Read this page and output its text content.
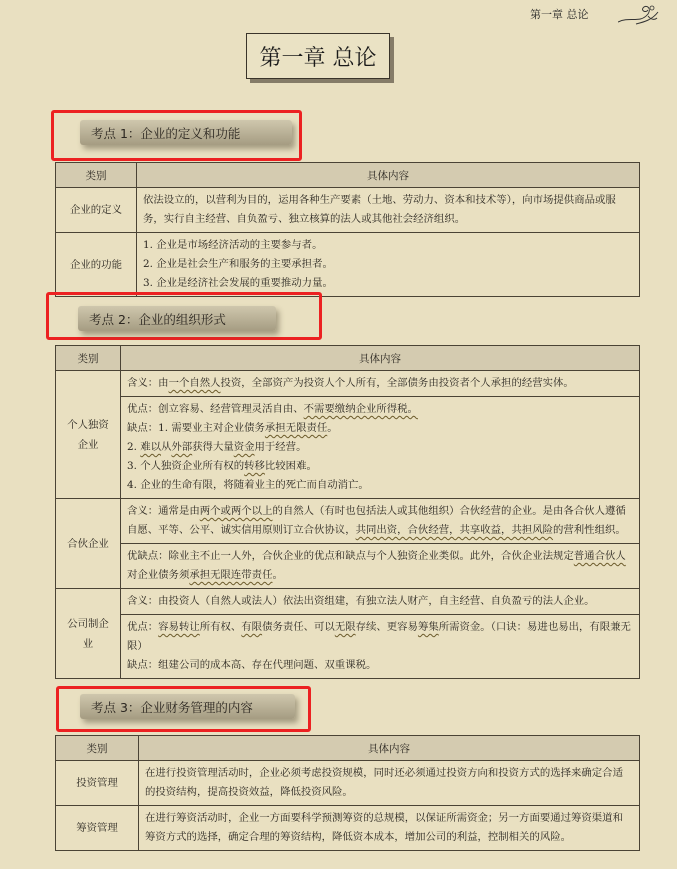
第一章 总论
第一章 总论
考点 1：企业的定义和功能
类别	具体内容
企业的定义	依法设立的，以营利为目的，运用各种生产要素（土地、劳动力、资本和技术等），向市场提供商品或服务，实行自主经营、自负盈亏、独立核算的法人或其他社会经济组织。

企业的功能	1. 企业是市场经济活动的主要参与者。

2. 企业是社会生产和服务的主要承担者。

3. 企业是经济社会发展的重要推动力量。

考点 2：企业的组织形式
类别	具体内容
个人独资企业	含义：由一个自然人投资，全部资产为投资人个人所有，全部债务由投资者个人承担的经营实体。

	优点：创立容易、经营管理灵活自由、不需要缴纳企业所得税。

缺点：1. 需要业主对企业债务承担无限责任。

2. 难以从外部获得大量资金用于经营。

3. 个人独资企业所有权的转移比较困难。

4. 企业的生命有限，将随着业主的死亡而自动消亡。

合伙企业	含义：通常是由两个或两个以上的自然人（有时也包括法人或其他组织）合伙经营的企业。是由各合伙人遵循自愿、平等、公平、诚实信用原则订立合伙协议，共同出资，合伙经营，共享收益，共担风险的营利性组织。

	优缺点：除业主不止一人外，合伙企业的优点和缺点与个人独资企业类似。此外，合伙企业法规定普通合伙人对企业债务须承担无限连带责任。

公司制企业	含义：由投资人（自然人或法人）依法出资组建，有独立法人财产，自主经营、自负盈亏的法人企业。

	优点：容易转让所有权、有限债务责任、可以无限存续、更容易筹集所需资金。（口诀：易进也易出，有限兼无限）

缺点：组建公司的成本高、存在代理问题、双重课税。

考点 3：企业财务管理的内容
类别	具体内容
投资管理	在进行投资管理活动时，企业必须考虑投资规模，同时还必须通过投资方向和投资方式的选择来确定合适的投资结构，提高投资效益，降低投资风险。

筹资管理	在进行筹资活动时，企业一方面要科学预测筹资的总规模，以保证所需资金；另一方面要通过筹资渠道和筹资方式的选择，确定合理的筹资结构，降低资本成本，增加公司的利益，控制相关的风险。
